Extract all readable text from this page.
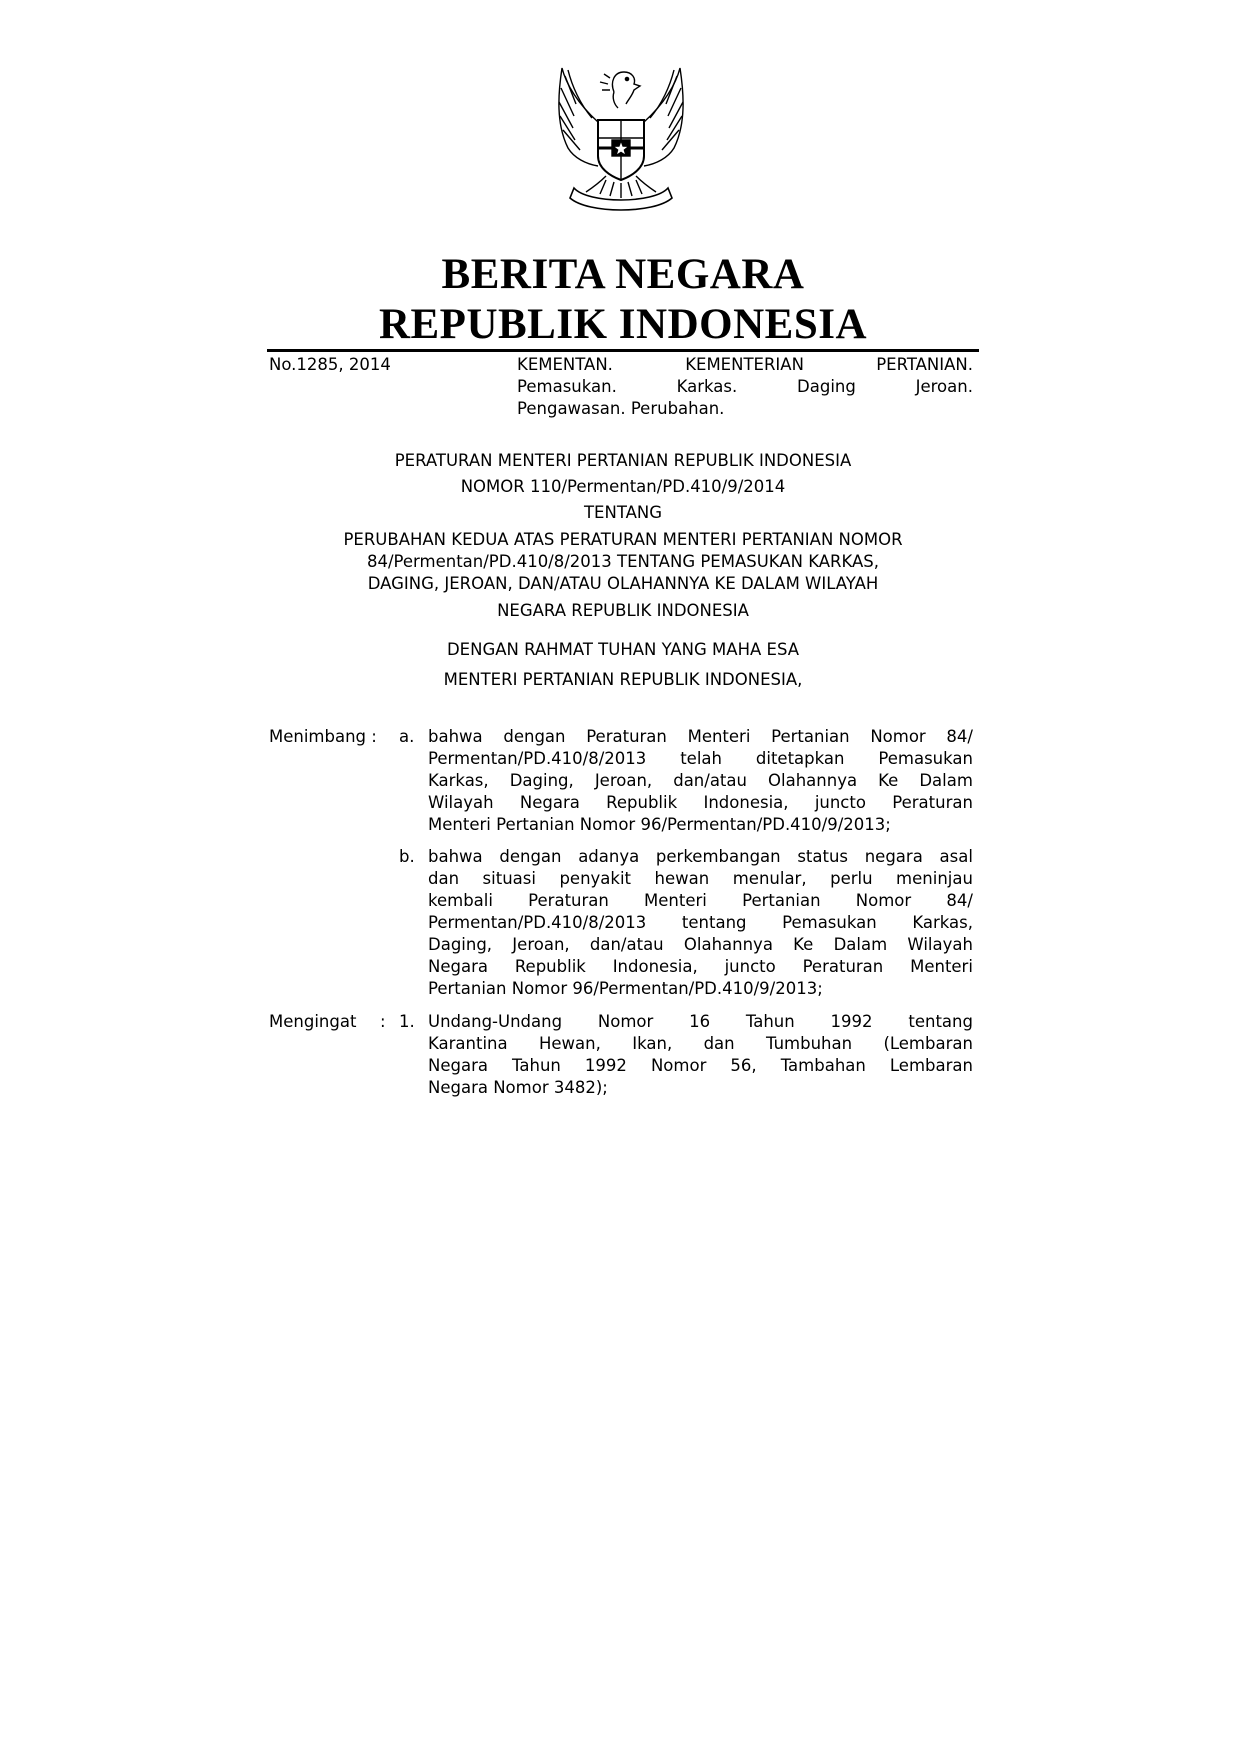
BERITA NEGARA
REPUBLIK INDONESIA
No.1285, 2014	KEMENTAN.	KEMENTERIAN	PERTANIAN.
Pemasukan.	Karkas.	Daging	Jeroan.
Pengawasan. Perubahan.
PERATURAN MENTERI PERTANIAN REPUBLIK INDONESIA
NOMOR 110/Permentan/PD.410/9/2014
TENTANG
PERUBAHAN KEDUA ATAS PERATURAN MENTERI PERTANIAN NOMOR
84/Permentan/PD.410/8/2013 TENTANG PEMASUKAN KARKAS,
DAGING, JEROAN, DAN/ATAU OLAHANNYA KE DALAM WILAYAH
NEGARA REPUBLIK INDONESIA
DENGAN RAHMAT TUHAN YANG MAHA ESA
MENTERI PERTANIAN REPUBLIK INDONESIA,
Menimbang : a. bahwa dengan Peraturan Menteri Pertanian Nomor 84/
Permentan/PD.410/8/2013 telah ditetapkan Pemasukan
Karkas, Daging, Jeroan, dan/atau Olahannya Ke Dalam
Wilayah Negara Republik Indonesia, juncto Peraturan
Menteri Pertanian Nomor 96/Permentan/PD.410/9/2013;
b. bahwa dengan adanya perkembangan status negara asal
dan situasi penyakit hewan menular, perlu meninjau
kembali Peraturan Menteri Pertanian Nomor 84/
Permentan/PD.410/8/2013 tentang Pemasukan Karkas,
Daging, Jeroan, dan/atau Olahannya Ke Dalam Wilayah
Negara Republik Indonesia, juncto Peraturan Menteri
Pertanian Nomor 96/Permentan/PD.410/9/2013;
Mengingat : 1. Undang-Undang Nomor 16 Tahun 1992 tentang
Karantina Hewan, Ikan, dan Tumbuhan (Lembaran
Negara Tahun 1992 Nomor 56, Tambahan Lembaran
Negara Nomor 3482);
